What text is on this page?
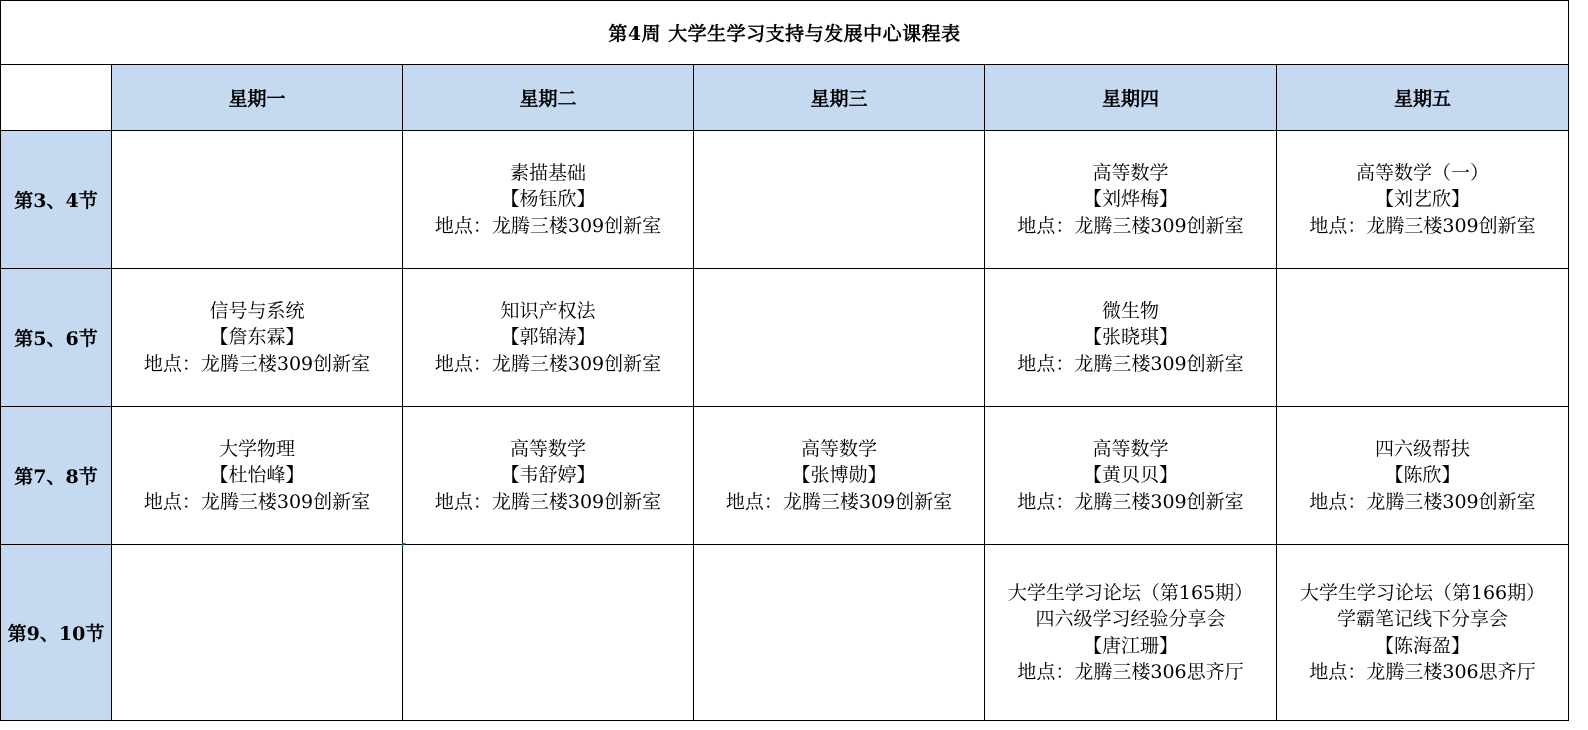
第4周 大学生学习支持与发展中心课程表					
	星期一	星期二	星期三	星期四	星期五
第3、4节		素描基础
【杨钰欣】
地点：龙腾三楼309创新室		高等数学
【刘烨梅】
地点：龙腾三楼309创新室	高等数学（一）
【刘艺欣】
地点：龙腾三楼309创新室

第5、6节	信号与系统
【詹东霖】
地点：龙腾三楼309创新室	知识产权法
【郭锦涛】
地点：龙腾三楼309创新室		微生物
【张晓琪】
地点：龙腾三楼309创新室	

第7、8节	大学物理
【杜怡峰】
地点：龙腾三楼309创新室	高等数学
【韦舒婷】
地点：龙腾三楼309创新室	高等数学
【张博勋】
地点：龙腾三楼309创新室	高等数学
【黄贝贝】
地点：龙腾三楼309创新室	四六级帮扶
【陈欣】
地点：龙腾三楼309创新室

第9、10节				大学生学习论坛（第165期）
四六级学习经验分享会
【唐江珊】
地点：龙腾三楼306思齐厅	大学生学习论坛（第166期）
学霸笔记线下分享会
【陈海盈】
地点：龙腾三楼306思齐厅
